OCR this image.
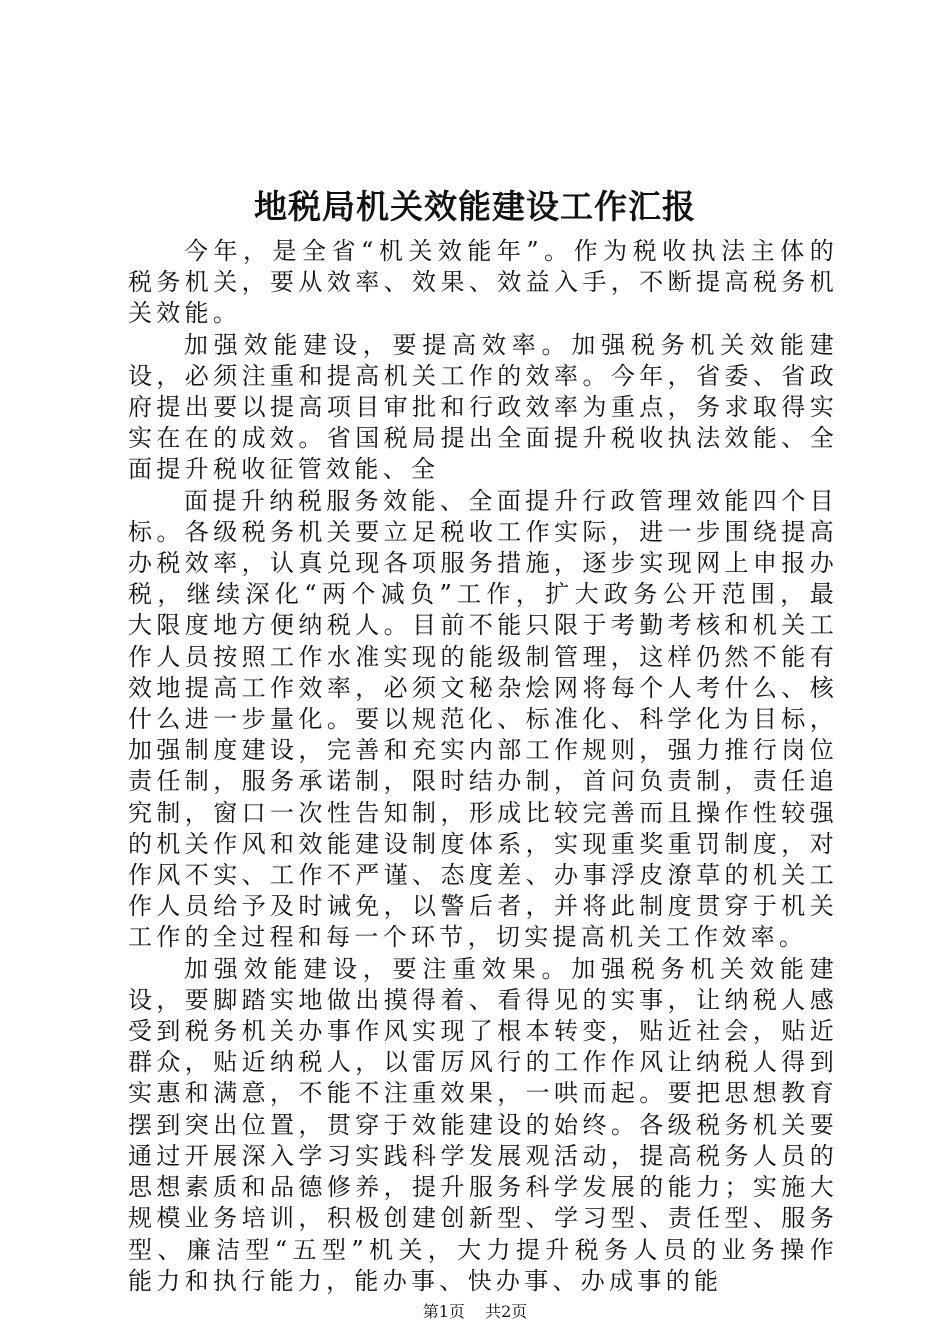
地税局机关效能建设工作汇报

今年，是全省“机关效能年”。作为税收执法主体的税务机关，要从效率、效果、效益入手，不断提高税务机关效能。

加强效能建设，要提高效率。加强税务机关效能建设，必须注重和提高机关工作的效率。今年，省委、省政府提出要以提高项目审批和行政效率为重点，务求取得实实在在的成效。省国税局提出全面提升税收执法效能、全面提升税收征管效能、全

面提升纳税服务效能、全面提升行政管理效能四个目标。各级税务机关要立足税收工作实际，进一步围绕提高办税效率，认真兑现各项服务措施，逐步实现网上申报办税，继续深化“两个减负”工作，扩大政务公开范围，最大限度地方便纳税人。目前不能只限于考勤考核和机关工作人员按照工作水准实现的能级制管理，这样仍然不能有效地提高工作效率，必须文秘杂烩网将每个人考什么、核什么进一步量化。要以规范化、标准化、科学化为目标，加强制度建设，完善和充实内部工作规则，强力推行岗位责任制，服务承诺制，限时结办制，首问负责制，责任追究制，窗口一次性告知制，形成比较完善而且操作性较强的机关作风和效能建设制度体系，实现重奖重罚制度，对作风不实、工作不严谨、态度差、办事浮皮潦草的机关工作人员给予及时诫免，以警后者，并将此制度贯穿于机关工作的全过程和每一个环节，切实提高机关工作效率。

加强效能建设，要注重效果。加强税务机关效能建设，要脚踏实地做出摸得着、看得见的实事，让纳税人感受到税务机关办事作风实现了根本转变，贴近社会，贴近群众，贴近纳税人，以雷厉风行的工作作风让纳税人得到实惠和满意，不能不注重效果，一哄而起。要把思想教育摆到突出位置，贯穿于效能建设的始终。各级税务机关要通过开展深入学习实践科学发展观活动，提高税务人员的思想素质和品德修养，提升服务科学发展的能力；实施大规模业务培训，积极创建创新型、学习型、责任型、服务型、廉洁型“五型”机关，大力提升税务人员的业务操作能力和执行能力，能办事、快办事、办成事的能

第1页 共2页
